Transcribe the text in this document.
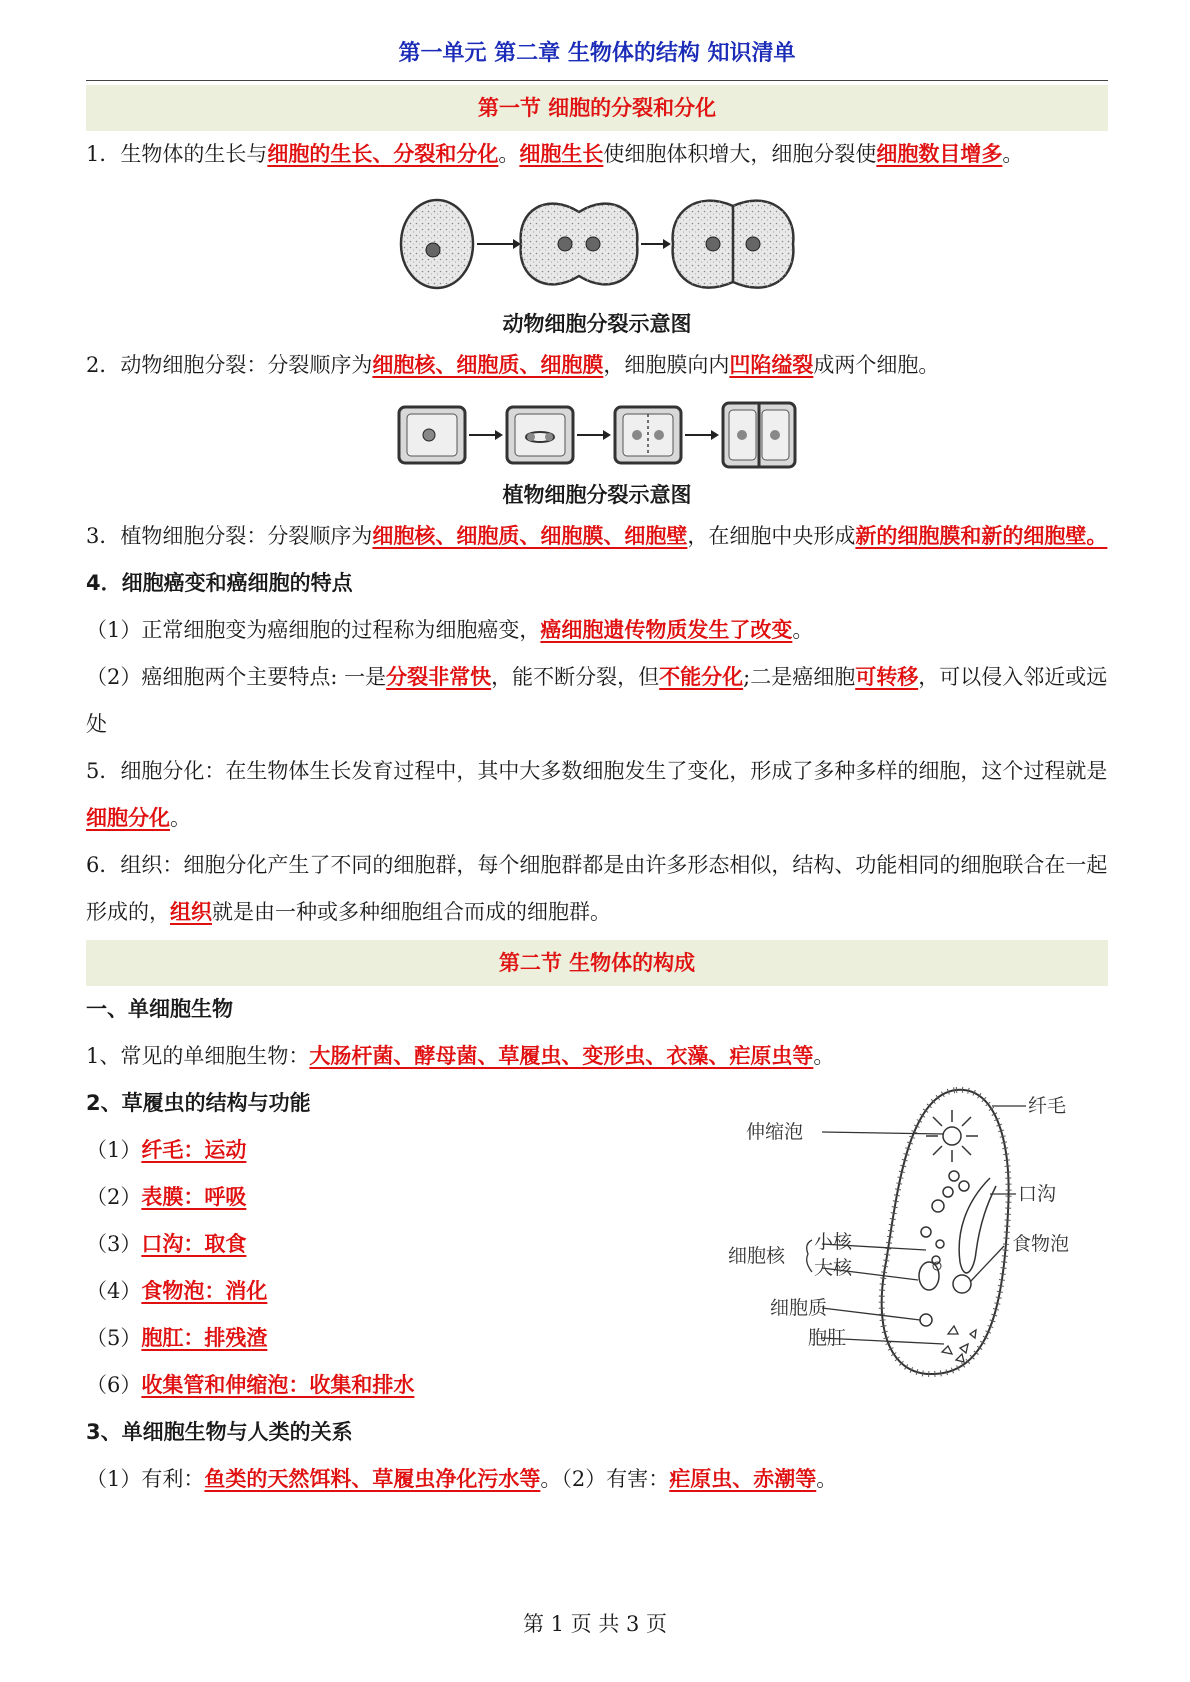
第一单元 第二章 生物体的结构 知识清单
第一节 细胞的分裂和分化

1．生物体的生长与细胞的生长、分裂和分化。细胞生长使细胞体积增大，细胞分裂使细胞数目增多。

动物细胞分裂示意图

2．动物细胞分裂：分裂顺序为细胞核、细胞质、细胞膜，细胞膜向内凹陷缢裂成两个细胞。

植物细胞分裂示意图

3．植物细胞分裂：分裂顺序为细胞核、细胞质、细胞膜、细胞壁，在细胞中央形成新的细胞膜和新的细胞壁。

4．细胞癌变和癌细胞的特点

（1）正常细胞变为癌细胞的过程称为细胞癌变，癌细胞遗传物质发生了改变。

（2）癌细胞两个主要特点: 一是分裂非常快，能不断分裂，但不能分化;二是癌细胞可转移，可以侵入邻近或远处

5．细胞分化：在生物体生长发育过程中，其中大多数细胞发生了变化，形成了多种多样的细胞，这个过程就是细胞分化。

6．组织：细胞分化产生了不同的细胞群，每个细胞群都是由许多形态相似，结构、功能相同的细胞联合在一起形成的，组织就是由一种或多种细胞组合而成的细胞群。

第二节 生物体的构成

一、单细胞生物

1、常见的单细胞生物：大肠杆菌、酵母菌、草履虫、变形虫、衣藻、疟原虫等。

2、草履虫的结构与功能

（1）纤毛：运动

（2）表膜：呼吸

（3）口沟：取食

（4）食物泡：消化

（5）胞肛：排残渣

（6）收集管和伸缩泡：收集和排水

纤毛
伸缩泡
口沟
食物泡
细胞核
小核
大核
细胞质
胞肛

3、单细胞生物与人类的关系

（1）有利：鱼类的天然饵料、草履虫净化污水等。（2）有害：疟原虫、赤潮等。

第 1 页 共 3 页
